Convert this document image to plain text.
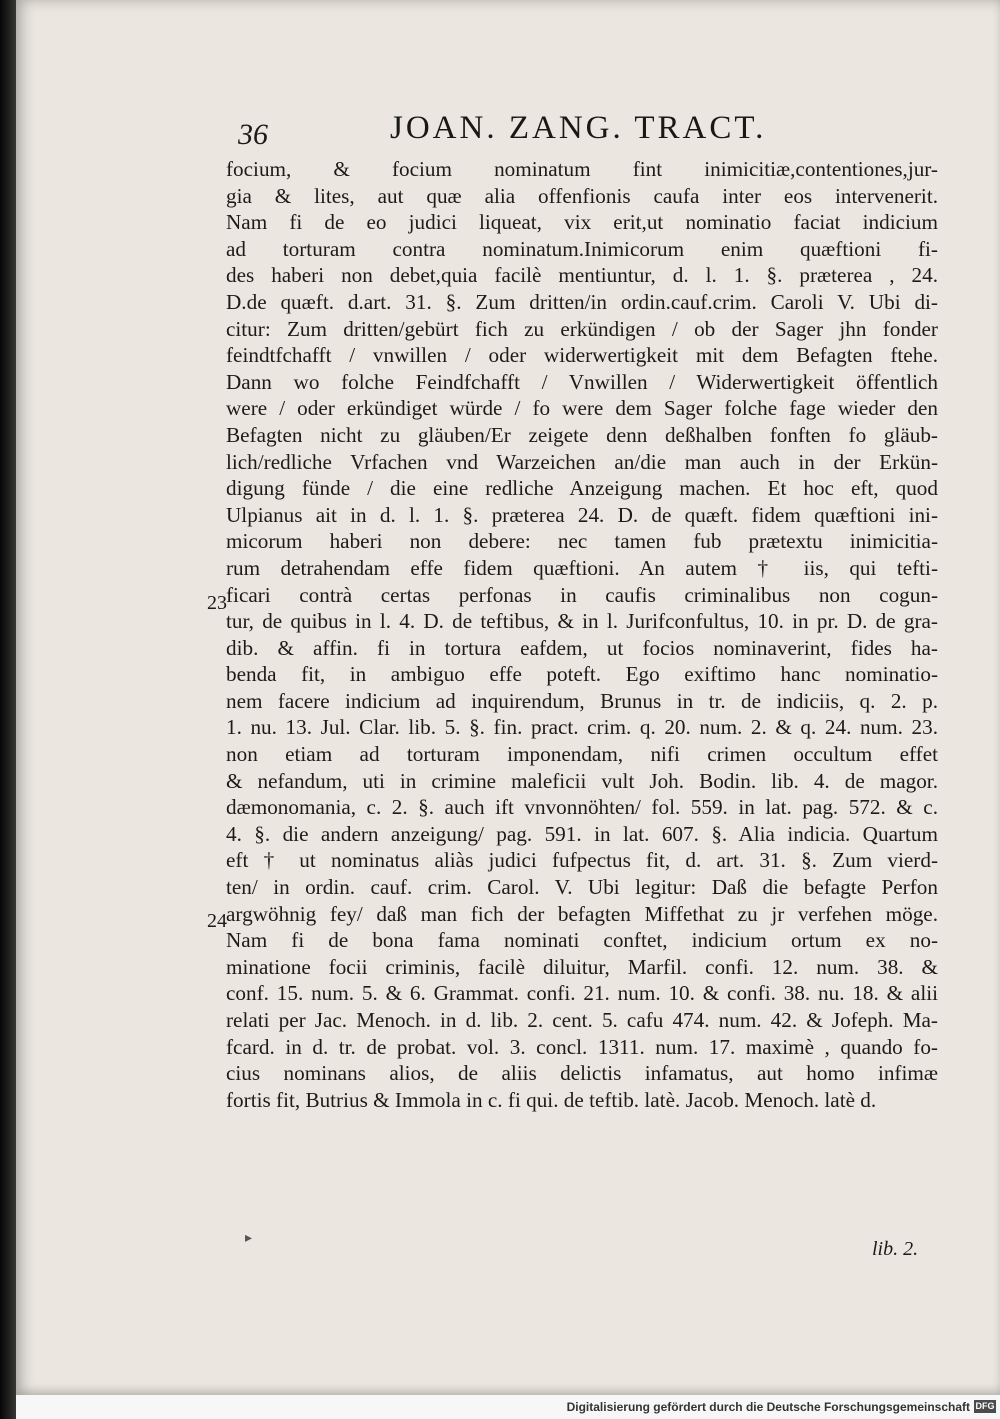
36	JOAN. ZANG. TRACT.
focium, & focium nominatum fint inimicitiæ,contentiones,jur-
gia & lites, aut quæ alia offenfionis caufa inter eos intervenerit.
Nam fi de eo judici liqueat, vix erit,ut nominatio faciat indicium
ad torturam contra nominatum.Inimicorum enim quæftioni fi-
des haberi non debet,quia facilè mentiuntur, d. l. 1. §. præterea , 24.
D.de quæft. d.art. 31. §. Zum dritten/in ordin.cauf.crim. Caroli V. Ubi di-
citur: Zum dritten/gebürt fich zu erkündigen / ob der Sager jhn fonder
feindtfchafft / vnwillen / oder widerwertigkeit mit dem Befagten ftehe.
Dann wo folche Feindfchafft / Vnwillen / Widerwertigkeit öffentlich
were / oder erkündiget würde / fo were dem Sager folche fage wieder den
Befagten nicht zu gläuben/Er zeigete denn deßhalben fonften fo gläub-
lich/redliche Vrfachen vnd Warzeichen an/die man auch in der Erkün-
digung fünde / die eine redliche Anzeigung machen. Et hoc eft, quod
Ulpianus ait in d. l. 1. §. præterea 24. D. de quæft. fidem quæftioni ini-
micorum haberi non debere: nec tamen fub prætextu inimicitia-
rum detrahendam effe fidem quæftioni. An autem † iis, qui tefti-
ficari contrà certas perfonas in caufis criminalibus non cogun-
tur, de quibus in l. 4. D. de teftibus, & in l. Jurifconfultus, 10. in pr. D. de gra-
dib. & affin. fi in tortura eafdem, ut focios nominaverint, fides ha-
benda fit, in ambiguo effe poteft. Ego exiftimo hanc nominatio-
nem facere indicium ad inquirendum, Brunus in tr. de indiciis, q. 2. p.
1. nu. 13. Jul. Clar. lib. 5. §. fin. pract. crim. q. 20. num. 2. & q. 24. num. 23.
non etiam ad torturam imponendam, nifi crimen occultum effet
& nefandum, uti in crimine maleficii vult Joh. Bodin. lib. 4. de magor.
dæmonomania, c. 2. §. auch ift vnvonnöhten/ fol. 559. in lat. pag. 572. & c.
4. §. die andern anzeigung/ pag. 591. in lat. 607. §. Alia indicia. Quartum
eft † ut nominatus aliàs judici fufpectus fit, d. art. 31. §. Zum vierd-
ten/ in ordin. cauf. crim. Carol. V. Ubi legitur: Daß die befagte Perfon
argwöhnig fey/ daß man fich der befagten Miffethat zu jr verfehen möge.
Nam fi de bona fama nominati conftet, indicium ortum ex no-
minatione focii criminis, facilè diluitur, Marfil. confi. 12. num. 38. &
conf. 15. num. 5. & 6. Grammat. confi. 21. num. 10. & confi. 38. nu. 18. & alii
relati per Jac. Menoch. in d. lib. 2. cent. 5. cafu 474. num. 42. & Jofeph. Ma-
fcard. in d. tr. de probat. vol. 3. concl. 1311. num. 17. maximè , quando fo-
cius nominans alios, de aliis delictis infamatus, aut homo infimæ
fortis fit, Butrius & Immola in c. fi qui. de teftib. latè. Jacob. Menoch. latè d.
23
24
▸	lib. 2.
Digitalisierung gefördert durch die Deutsche Forschungsgemeinschaft DFG
